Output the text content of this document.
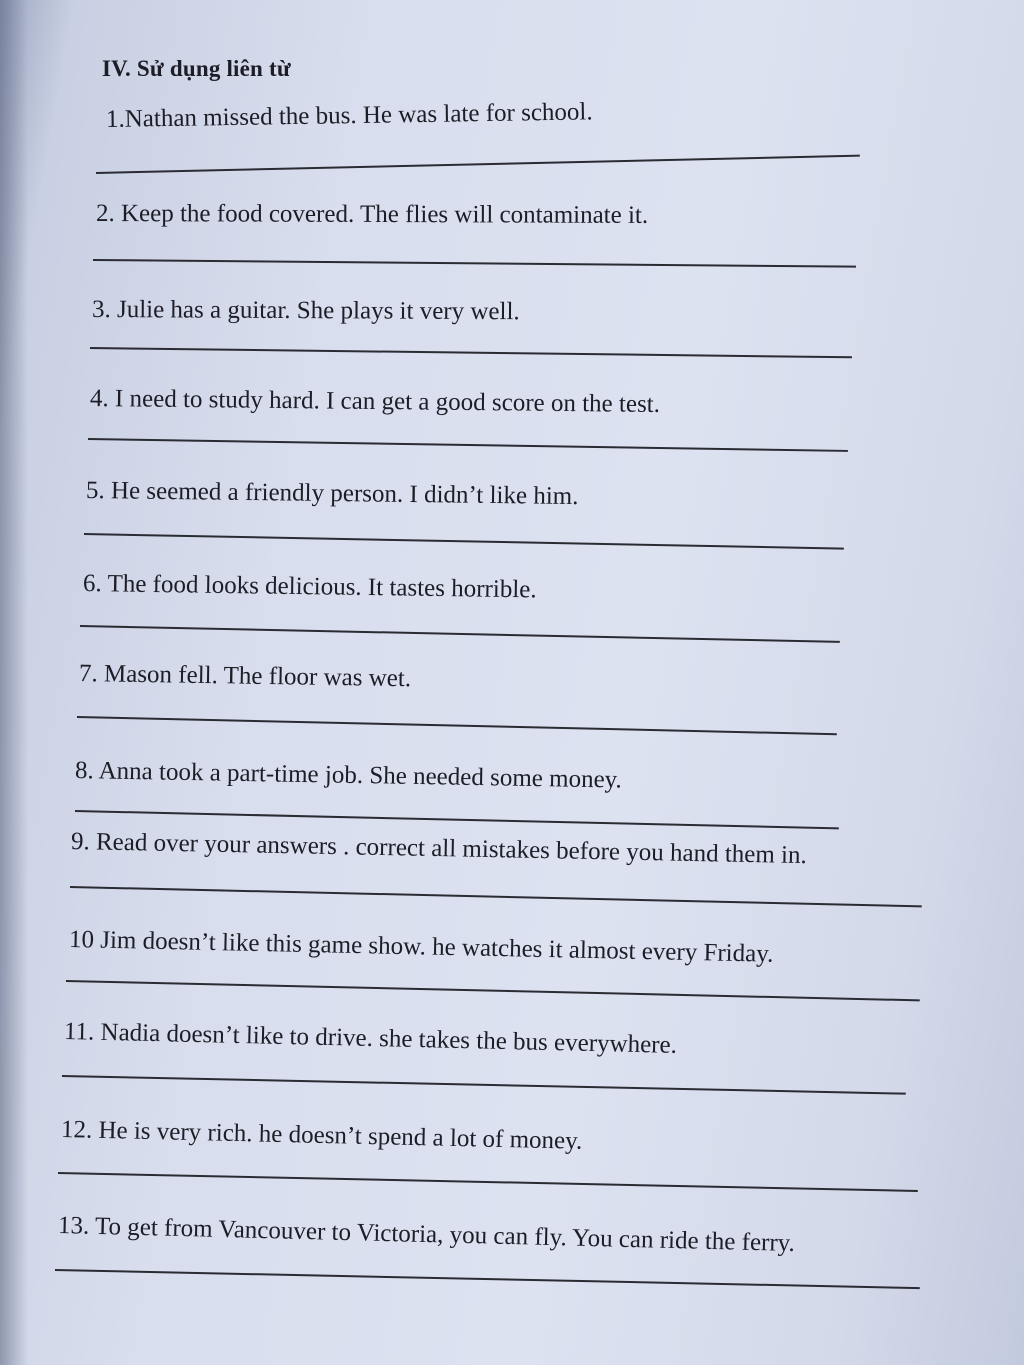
IV. Sử dụng liên từ
1.Nathan missed the bus. He was late for school.
2. Keep the food covered. The flies will contaminate it.
3. Julie has a guitar. She plays it very well.
4. I need to study hard. I can get a good score on the test.
5. He seemed a friendly person. I didn’t like him.
6. The food looks delicious. It tastes horrible.
7. Mason fell. The floor was wet.
8. Anna took a part-time job. She needed some money.
9. Read over your answers . correct all mistakes before you hand them in.
10 Jim doesn’t like this game show. he watches it almost every Friday.
11. Nadia doesn’t like to drive. she takes the bus everywhere.
12. He is very rich. he doesn’t spend a lot of money.
13. To get from Vancouver to Victoria, you can fly. You can ride the ferry.
